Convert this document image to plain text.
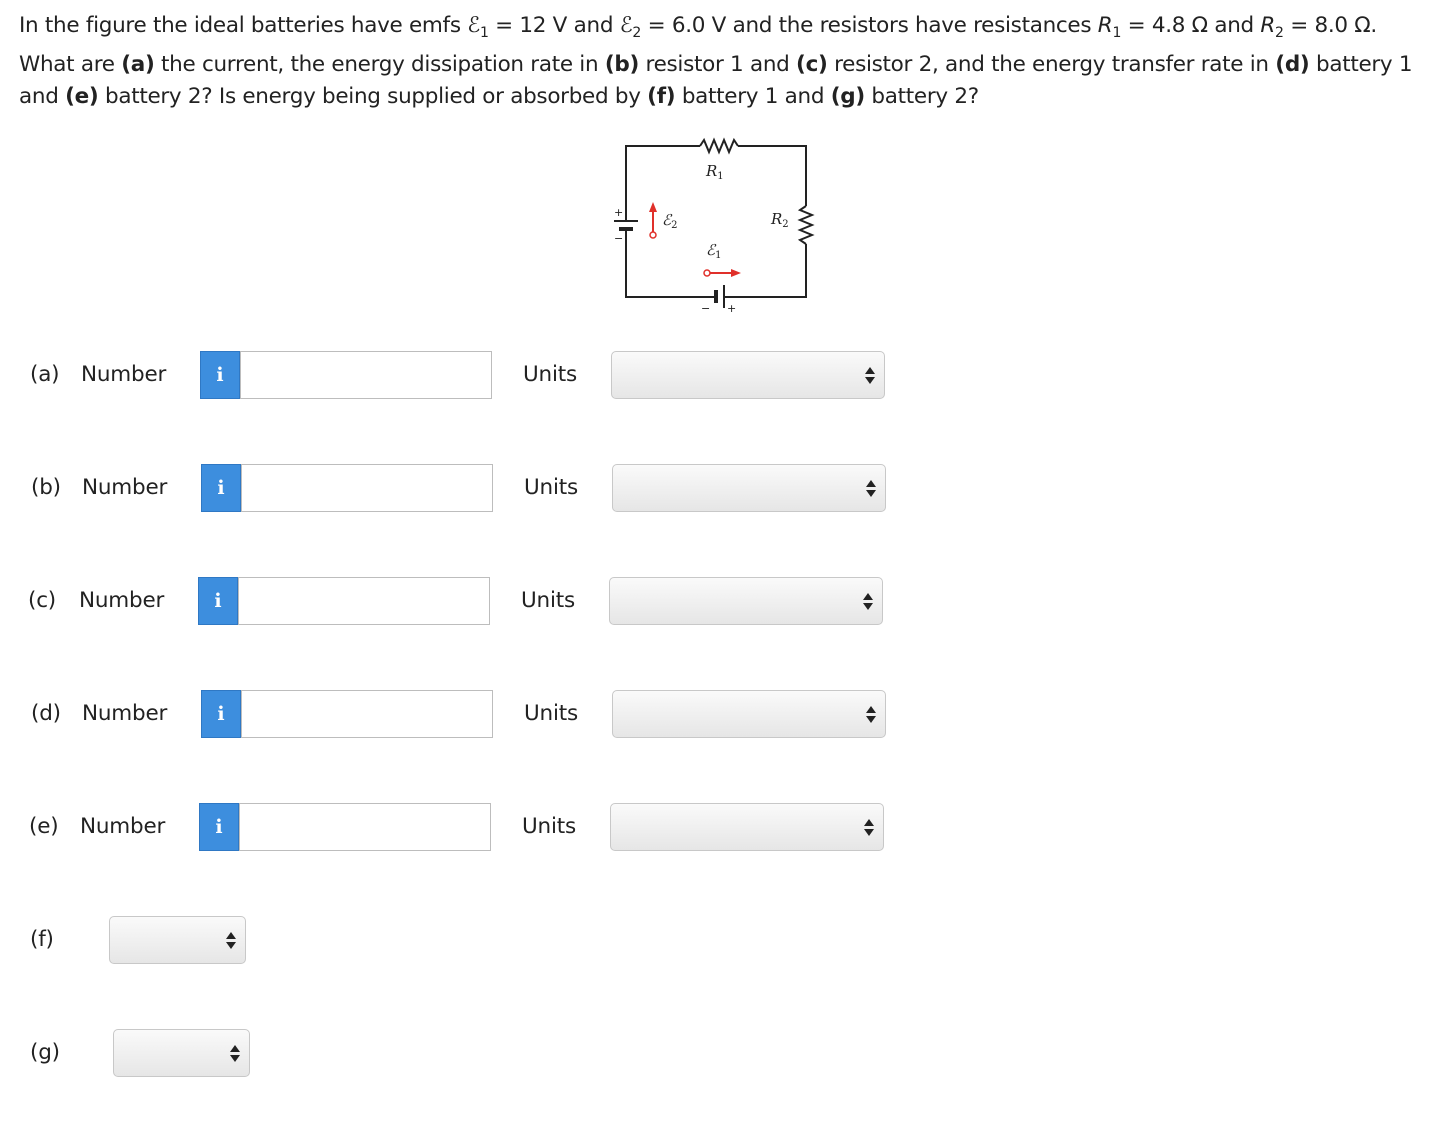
In the figure the ideal batteries have emfs ℰ$_1$ = 12 V and ℰ$_2$ = 6.0 V and the resistors have resistances $R_1 = 4.8$ Ω and $R_2 = 8.0$ Ω. What are (a) the current, the energy dissipation rate in (b) resistor 1 and (c) resistor 2, and the energy transfer rate in (d) battery 1 and (e) battery 2? Is energy being supplied or absorbed by (f) battery 1 and (g) battery 2?
$R_1$
$R_2$
ℰ$_1$
ℰ$_2$
+
−
+
−
(a) Number	i	Units
(b) Number	i	Units
(c) Number	i	Units
(d) Number	i	Units
(e) Number	i	Units
(f)
(g)
